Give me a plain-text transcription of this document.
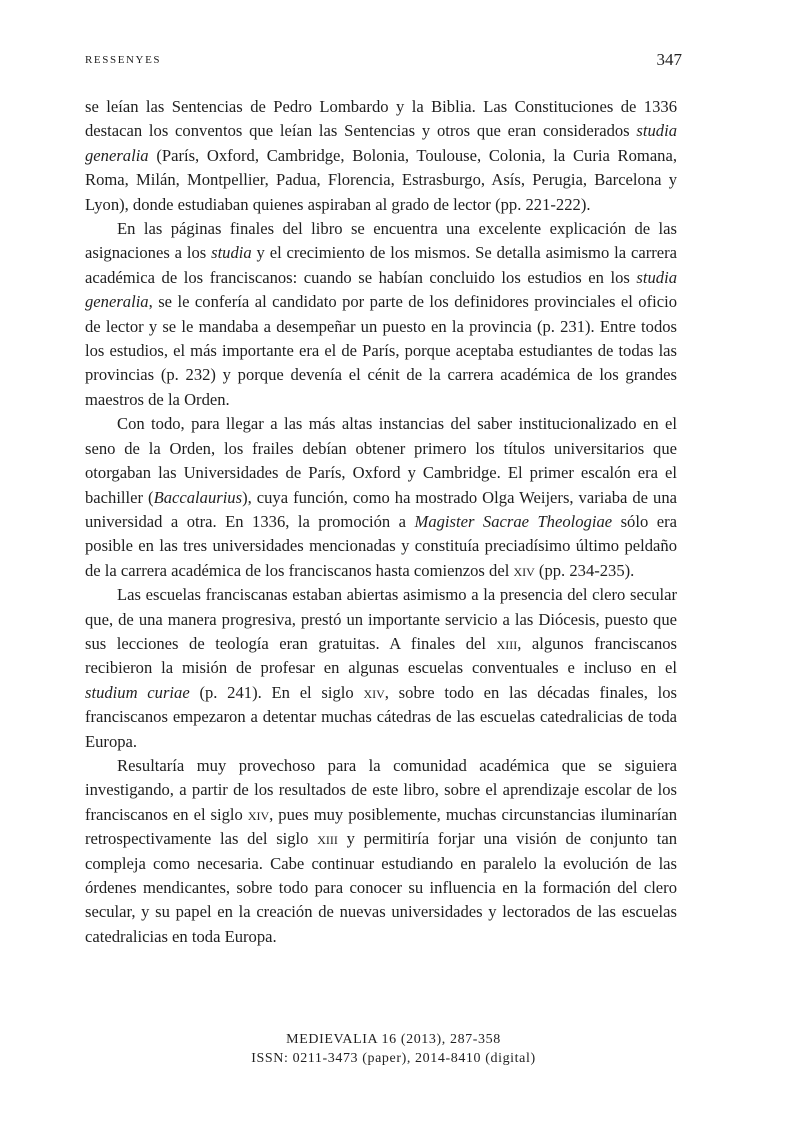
RESSENYES	347

se leían las Sentencias de Pedro Lombardo y la Biblia. Las Constituciones de 1336 destacan los conventos que leían las Sentencias y otros que eran considerados studia generalia (París, Oxford, Cambridge, Bolonia, Toulouse, Colonia, la Curia Romana, Roma, Milán, Montpellier, Padua, Florencia, Estrasburgo, Asís, Perugia, Barcelona y Lyon), donde estudiaban quienes aspiraban al grado de lector (pp. 221-222).

En las páginas finales del libro se encuentra una excelente explicación de las asignaciones a los studia y el crecimiento de los mismos. Se detalla asimismo la carrera académica de los franciscanos: cuando se habían concluido los estudios en los studia generalia, se le confería al candidato por parte de los definidores provinciales el oficio de lector y se le mandaba a desempeñar un puesto en la provincia (p. 231). Entre todos los estudios, el más importante era el de París, porque aceptaba estudiantes de todas las provincias (p. 232) y porque devenía el cénit de la carrera académica de los grandes maestros de la Orden.

Con todo, para llegar a las más altas instancias del saber institucionalizado en el seno de la Orden, los frailes debían obtener primero los títulos universitarios que otorgaban las Universidades de París, Oxford y Cambridge. El primer escalón era el bachiller (Baccalaurius), cuya función, como ha mostrado Olga Weijers, variaba de una universidad a otra. En 1336, la promoción a Magister Sacrae Theologiae sólo era posible en las tres universidades mencionadas y constituía preciadísimo último peldaño de la carrera académica de los franciscanos hasta comienzos del xiv (pp. 234-235).

Las escuelas franciscanas estaban abiertas asimismo a la presencia del clero secular que, de una manera progresiva, prestó un importante servicio a las Diócesis, puesto que sus lecciones de teología eran gratuitas. A finales del xiii, algunos franciscanos recibieron la misión de profesar en algunas escuelas conventuales e incluso en el studium curiae (p. 241). En el siglo xiv, sobre todo en las décadas finales, los franciscanos empezaron a detentar muchas cátedras de las escuelas catedralicias de toda Europa.

Resultaría muy provechoso para la comunidad académica que se siguiera investigando, a partir de los resultados de este libro, sobre el aprendizaje escolar de los franciscanos en el siglo xiv, pues muy posiblemente, muchas circunstancias iluminarían retrospectivamente las del siglo xiii y permitiría forjar una visión de conjunto tan compleja como necesaria. Cabe continuar estudiando en paralelo la evolución de las órdenes mendicantes, sobre todo para conocer su influencia en la formación del clero secular, y su papel en la creación de nuevas universidades y lectorados de las escuelas catedralicias en toda Europa.

MEDIEVALIA 16 (2013), 287-358
ISSN: 0211-3473 (paper), 2014-8410 (digital)
